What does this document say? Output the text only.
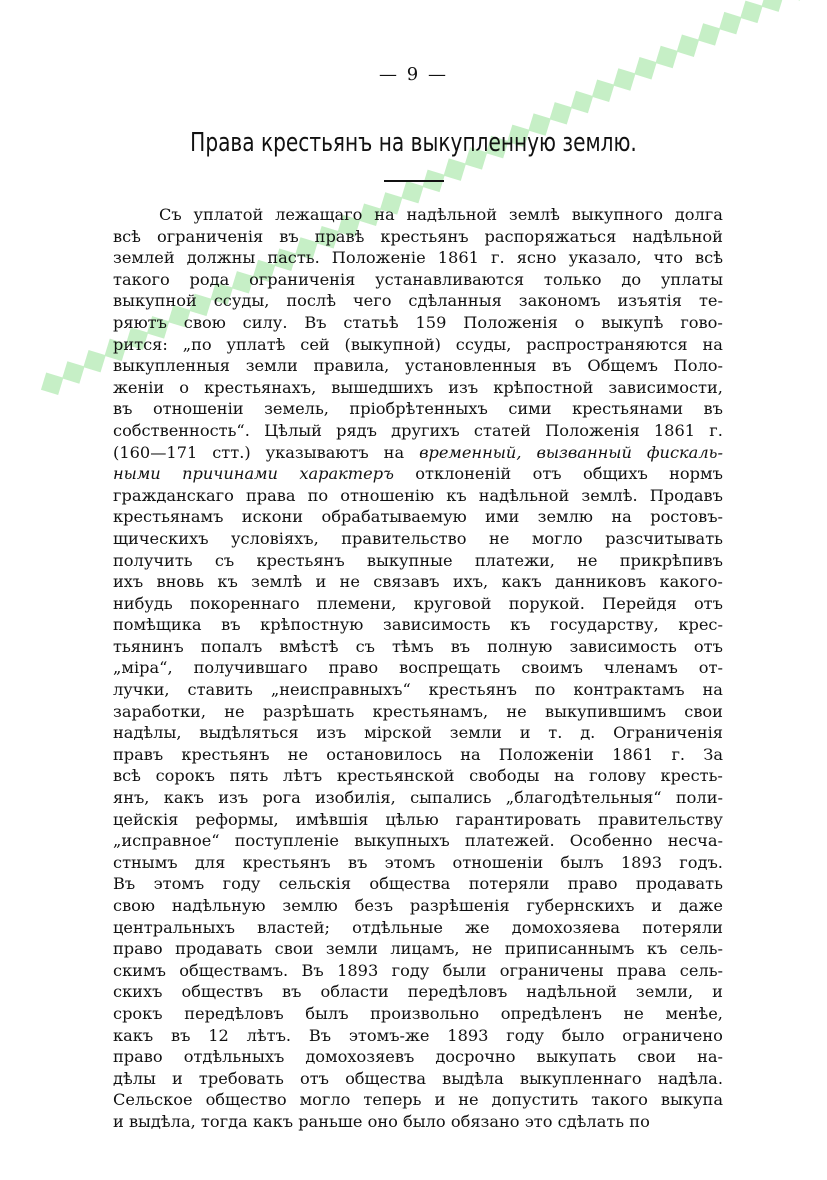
— 9 —
Права крестьянъ на выкупленную землю.
Съ уплатой лежащаго на надѣльной землѣ выкупного долга
всѣ ограниченія въ правѣ крестьянъ распоряжаться надѣльной
землей должны пасть. Положеніе 1861 г. ясно указало, что всѣ
такого рода ограниченія устанавливаются только до уплаты
выкупной ссуды, послѣ чего сдѣланныя закономъ изъятія те-
ряютъ свою силу. Въ статьѣ 159 Положенія о выкупѣ гово-
рится: „по уплатѣ сей (выкупной) ссуды, распространяются на
выкупленныя земли правила, установленныя въ Общемъ Поло-
женіи о крестьянахъ, вышедшихъ изъ крѣпостной зависимости,
въ отношеніи земель, пріобрѣтенныхъ сими крестьянами въ
собственность“. Цѣлый рядъ другихъ статей Положенія 1861 г.
(160—171 стт.) указываютъ на временный, вызванный фискаль-
ными причинами характеръ отклоненій отъ общихъ нормъ
гражданскаго права по отношенію къ надѣльной землѣ. Продавъ
крестьянамъ искони обрабатываемую ими землю на ростовъ-
щическихъ условіяхъ, правительство не могло разсчитывать
получить съ крестьянъ выкупные платежи, не прикрѣпивъ
ихъ вновь къ землѣ и не связавъ ихъ, какъ данниковъ какого-
нибудь покореннаго племени, круговой порукой. Перейдя отъ
помѣщика въ крѣпостную зависимость къ государству, крес-
тьянинъ попалъ вмѣстѣ съ тѣмъ въ полную зависимость отъ
„міра“, получившаго право воспрещать своимъ членамъ от-
лучки, ставить „неисправныхъ“ крестьянъ по контрактамъ на
заработки, не разрѣшать крестьянамъ, не выкупившимъ свои
надѣлы, выдѣляться изъ мірской земли и т. д. Ограниченія
правъ крестьянъ не остановилось на Положеніи 1861 г. За
всѣ сорокъ пять лѣтъ крестьянской свободы на голову кресть-
янъ, какъ изъ рога изобилія, сыпались „благодѣтельныя“ поли-
цейскія реформы, имѣвшія цѣлью гарантировать правительству
„исправное“ поступленіе выкупныхъ платежей. Особенно несча-
стнымъ для крестьянъ въ этомъ отношеніи былъ 1893 годъ.
Въ этомъ году сельскія общества потеряли право продавать
свою надѣльную землю безъ разрѣшенія губернскихъ и даже
центральныхъ властей; отдѣльные же домохозяева потеряли
право продавать свои земли лицамъ, не приписаннымъ къ сель-
скимъ обществамъ. Въ 1893 году были ограничены права сель-
скихъ обществъ въ области передѣловъ надѣльной земли, и
срокъ передѣловъ былъ произвольно опредѣленъ не менѣе,
какъ въ 12 лѣтъ. Въ этомъ-же 1893 году было ограничено
право отдѣльныхъ домохозяевъ досрочно выкупать свои на-
дѣлы и требовать отъ общества выдѣла выкупленнаго надѣла.
Сельское общество могло теперь и не допустить такого выкупа
и выдѣла, тогда какъ раньше оно было обязано это сдѣлать по
